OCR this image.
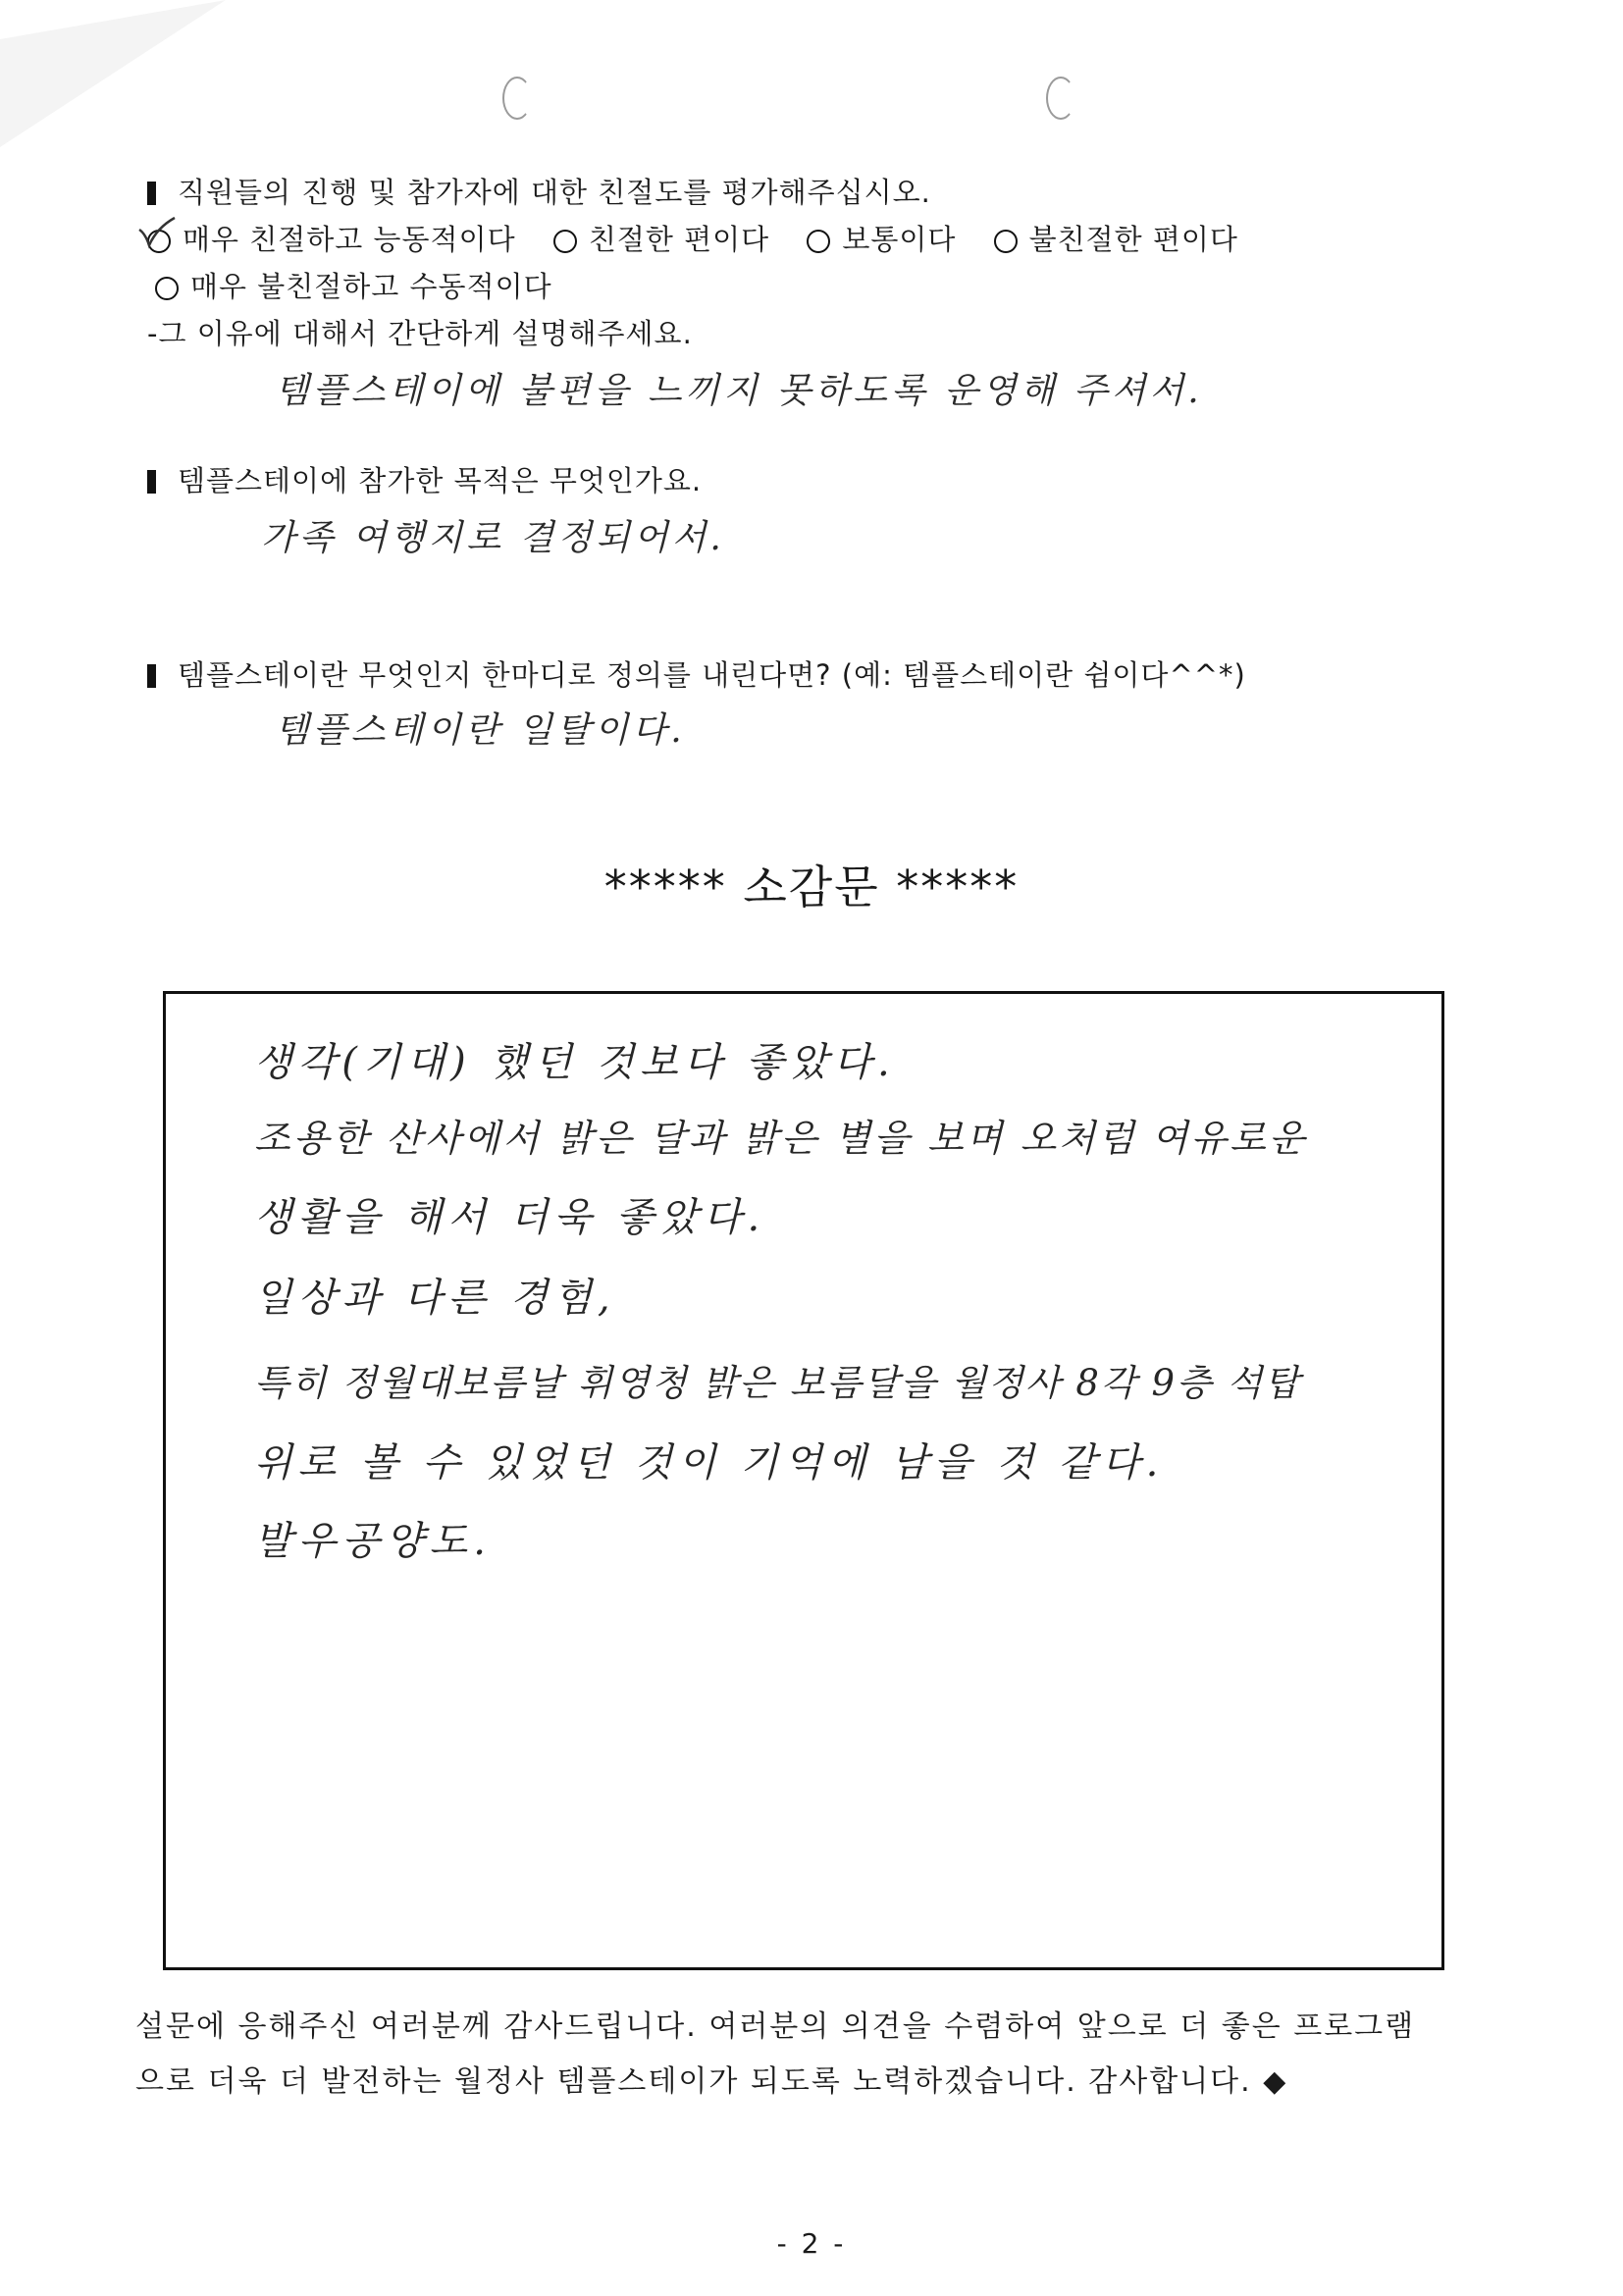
직원들의 진행 및 참가자에 대한 친절도를 평가해주십시오.
매우 친절하고 능동적이다	친절한 편이다	보통이다	불친절한 편이다
매우 불친절하고 수동적이다
-그 이유에 대해서 간단하게 설명해주세요.
템플스테이에 불편을 느끼지 못하도록 운영해 주셔서.
템플스테이에 참가한 목적은 무엇인가요.
가족 여행지로 결정되어서.
템플스테이란 무엇인지 한마디로 정의를 내린다면? (예: 템플스테이란 쉼이다^^*)
템플스테이란 일탈이다.
***** 소감문 *****
생각(기대) 했던 것보다 좋았다.
조용한 산사에서 밝은 달과 밝은 별을 보며 오처럼 여유로운
생활을 해서 더욱 좋았다.
일상과 다른 경험,
특히 정월대보름날 휘영청 밝은 보름달을 월정사 8각 9층 석탑
위로 볼 수 있었던 것이 기억에 남을 것 같다.
발우공양도.
설문에 응해주신 여러분께 감사드립니다. 여러분의 의견을 수렴하여 앞으로 더 좋은 프로그램
으로 더욱 더 발전하는 월정사 템플스테이가 되도록 노력하겠습니다. 감사합니다. ◆
- 2 -
